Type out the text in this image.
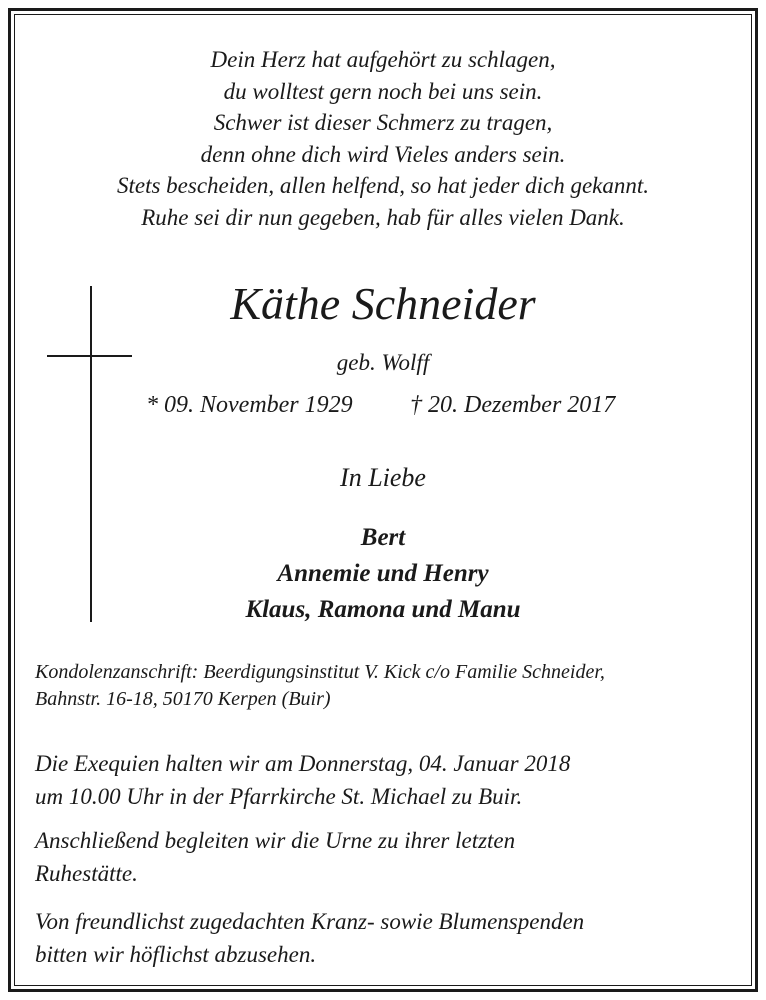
Dein Herz hat aufgehört zu schlagen,
du wolltest gern noch bei uns sein.
Schwer ist dieser Schmerz zu tragen,
denn ohne dich wird Vieles anders sein.
Stets bescheiden, allen helfend, so hat jeder dich gekannt.
Ruhe sei dir nun gegeben, hab für alles vielen Dank.
Käthe Schneider
geb. Wolff
* 09. November 1929 † 20. Dezember 2017
In Liebe
Bert
Annemie und Henry
Klaus, Ramona und Manu
Kondolenzanschrift: Beerdigungsinstitut V. Kick c/o Familie Schneider,
Bahnstr. 16-18, 50170 Kerpen (Buir)
Die Exequien halten wir am Donnerstag, 04. Januar 2018
um 10.00 Uhr in der Pfarrkirche St. Michael zu Buir.
Anschließend begleiten wir die Urne zu ihrer letzten
Ruhestätte.
Von freundlichst zugedachten Kranz- sowie Blumenspenden
bitten wir höflichst abzusehen.
